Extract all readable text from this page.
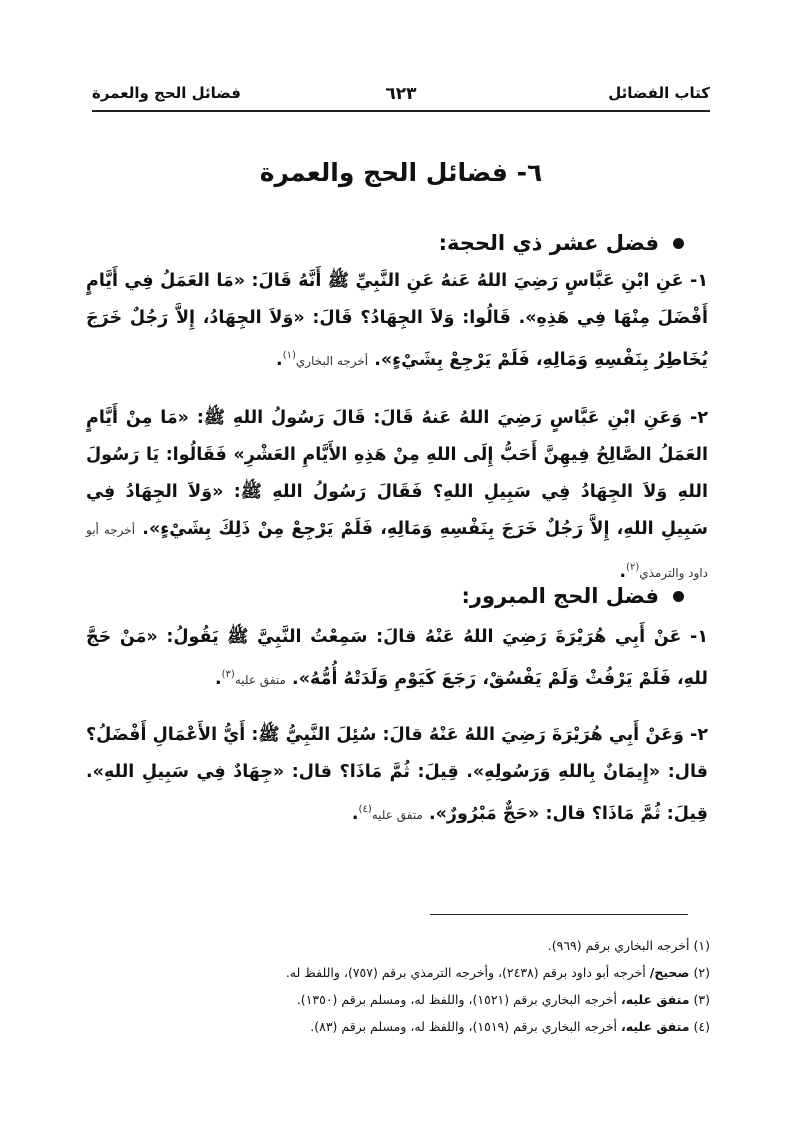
كتاب الفضائل
٦٢٣
فضائل الحج والعمرة
٦- فضائل الحج والعمرة
فضل عشر ذي الحجة:

١- عَنِ ابْنِ عَبَّاسٍ رَضِيَ اللهُ عَنهُ عَنِ النَّبِيِّ ﷺ أَنَّهُ قَالَ: «مَا العَمَلُ فِي أَيَّامٍ أَفْضَلَ مِنْهَا فِي هَذِهِ». قَالُوا: وَلاَ الجِهَادُ؟ قَالَ: «وَلاَ الجِهَادُ، إِلاَّ رَجُلٌ خَرَجَ يُخَاطِرُ بِنَفْسِهِ وَمَالِهِ، فَلَمْ يَرْجِعْ بِشَيْءٍ». أخرجه البخاري$^{(١)}$.

٢- وَعَنِ ابْنِ عَبَّاسٍ رَضِيَ اللهُ عَنهُ قَالَ: قَالَ رَسُولُ اللهِ ﷺ: «مَا مِنْ أَيَّامٍ العَمَلُ الصَّالِحُ فِيهِنَّ أَحَبُّ إِلَى اللهِ مِنْ هَذِهِ الأَيَّامِ العَشْرِ» فَقَالُوا: يَا رَسُولَ اللهِ وَلاَ الجِهَادُ فِي سَبِيلِ اللهِ؟ فَقَالَ رَسُولُ اللهِ ﷺ: «وَلاَ الجِهَادُ فِي سَبِيلِ اللهِ، إِلاَّ رَجُلٌ خَرَجَ بِنَفْسِهِ وَمَالِهِ، فَلَمْ يَرْجِعْ مِنْ ذَلِكَ بِشَيْءٍ». أخرجه أبو داود والترمذي$^{(٢)}$.

فضل الحج المبرور:

١- عَنْ أَبِي هُرَيْرَةَ رَضِيَ اللهُ عَنْهُ قالَ: سَمِعْتُ النَّبِيَّ ﷺ يَقُولُ: «مَنْ حَجَّ للهِ، فَلَمْ يَرْفُثْ وَلَمْ يَفْسُقْ، رَجَعَ كَيَوْمِ وَلَدَتْهُ أُمُّهُ». متفق عليه$^{(٣)}$.

٢- وَعَنْ أَبِي هُرَيْرَةَ رَضِيَ اللهُ عَنْهُ قالَ: سُئِلَ النَّبِيُّ ﷺ: أَيُّ الأَعْمَالِ أَفْضَلُ؟ قال: «إِيمَانٌ بِاللهِ وَرَسُولِهِ». قِيلَ: ثُمَّ مَاذَا؟ قال: «جِهَادٌ فِي سَبِيلِ اللهِ». قِيلَ: ثُمَّ مَاذَا؟ قال: «حَجٌّ مَبْرُورٌ». متفق عليه$^{(٤)}$.

(١) أخرجه البخاري برقم (٩٦٩).
(٢) صحيح/ أخرجه أبو داود برقم (٢٤٣٨)، وأخرجه الترمذي برقم (٧٥٧)، واللفظ له.
(٣) متفق عليه، أخرجه البخاري برقم (١٥٢١)، واللفظ له، ومسلم برقم (١٣٥٠).
(٤) متفق عليه، أخرجه البخاري برقم (١٥١٩)، واللفظ له، ومسلم برقم (٨٣).
